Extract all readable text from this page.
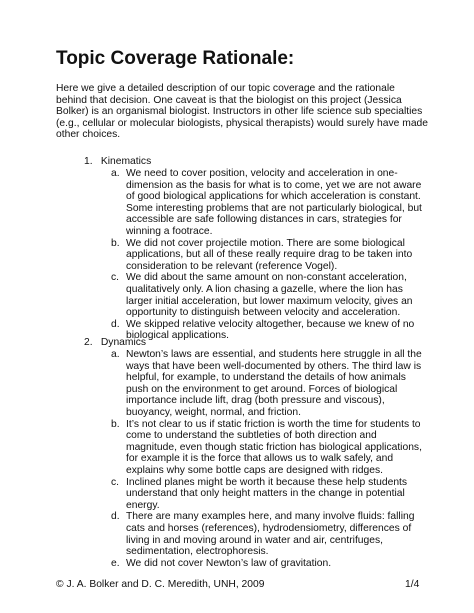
Topic Coverage Rationale:

Here we give a detailed description of our topic coverage and the rationale behind that decision. One caveat is that the biologist on this project (Jessica Bolker) is an organismal biologist. Instructors in other life science sub specialties (e.g., cellular or molecular biologists, physical therapists) would surely have made other choices.

1. Kinematics
a. We need to cover position, velocity and acceleration in one-dimension as the basis for what is to come, yet we are not aware of good biological applications for which acceleration is constant. Some interesting problems that are not particularly biological, but accessible are safe following distances in cars, strategies for winning a footrace.
b. We did not cover projectile motion. There are some biological applications, but all of these really require drag to be taken into consideration to be relevant (reference Vogel).
c. We did about the same amount on non-constant acceleration, qualitatively only. A lion chasing a gazelle, where the lion has larger initial acceleration, but lower maximum velocity, gives an opportunity to distinguish between velocity and acceleration.
d. We skipped relative velocity altogether, because we knew of no biological applications.
2. Dynamics
a. Newton’s laws are essential, and students here struggle in all the ways that have been well-documented by others. The third law is helpful, for example, to understand the details of how animals push on the environment to get around. Forces of biological importance include lift, drag (both pressure and viscous), buoyancy, weight, normal, and friction.
b. It’s not clear to us if static friction is worth the time for students to come to understand the subtleties of both direction and magnitude, even though static friction has biological applications, for example it is the force that allows us to walk safely, and explains why some bottle caps are designed with ridges.
c. Inclined planes might be worth it because these help students understand that only height matters in the change in potential energy.
d. There are many examples here, and many involve fluids: falling cats and horses (references), hydrodensiometry, differences of living in and moving around in water and air, centrifuges, sedimentation, electrophoresis.
e. We did not cover Newton’s law of gravitation.
© J. A. Bolker and D. C. Meredith, UNH, 2009	1/4
